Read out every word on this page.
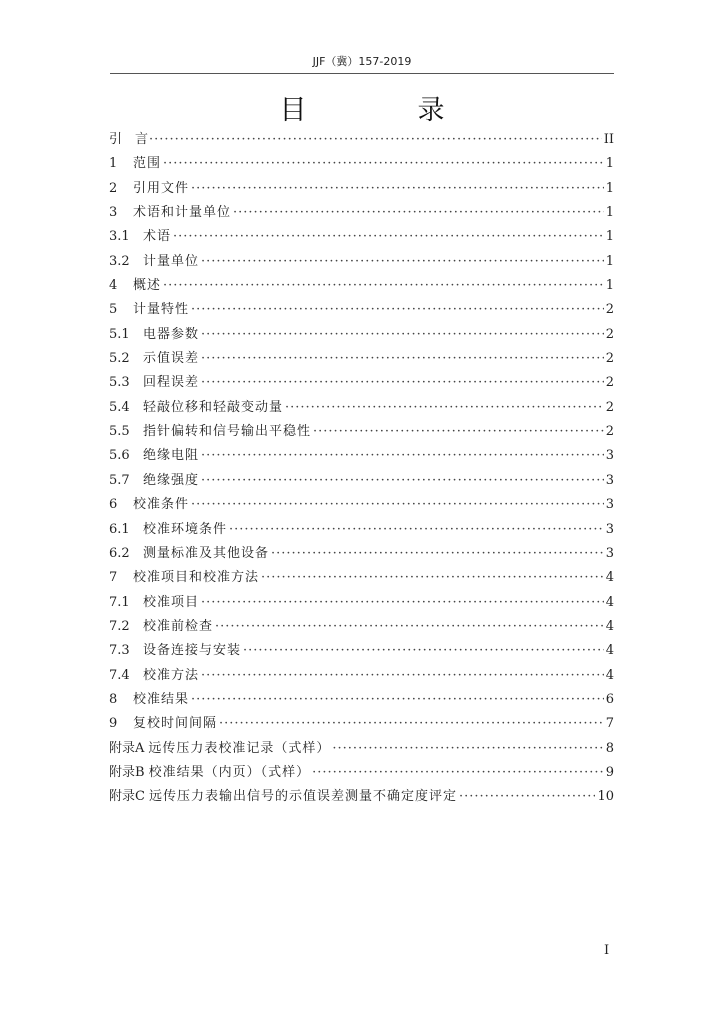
JJF（冀）157-2019
目　录
引　言 ·····	II
1	范围 ·····	1
2	引用文件 ·····	1
3	术语和计量单位 ·····	1
3.1	术语 ·····	1
3.2	计量单位 ·····	1
4	概述 ·····	1
5	计量特性 ·····	2
5.1	电器参数 ·····	2
5.2	示值误差 ·····	2
5.3	回程误差 ·····	2
5.4	轻敲位移和轻敲变动量 ·····	2
5.5	指针偏转和信号输出平稳性 ·····	2
5.6	绝缘电阻 ·····	3
5.7	绝缘强度 ·····	3
6	校准条件 ·····	3
6.1	校准环境条件 ·····	3
6.2	测量标准及其他设备 ·····	3
7	校准项目和校准方法 ·····	4
7.1	校准项目 ·····	4
7.2	校准前检查 ·····	4
7.3	设备连接与安装 ·····	4
7.4	校准方法 ·····	4
8	校准结果 ·····	6
9	复校时间间隔 ·····	7
附录A 远传压力表校准记录（式样） ·····	8
附录B 校准结果（内页）（式样） ·····	9
附录C 远传压力表输出信号的示值误差测量不确定度评定 ·····	10
I
